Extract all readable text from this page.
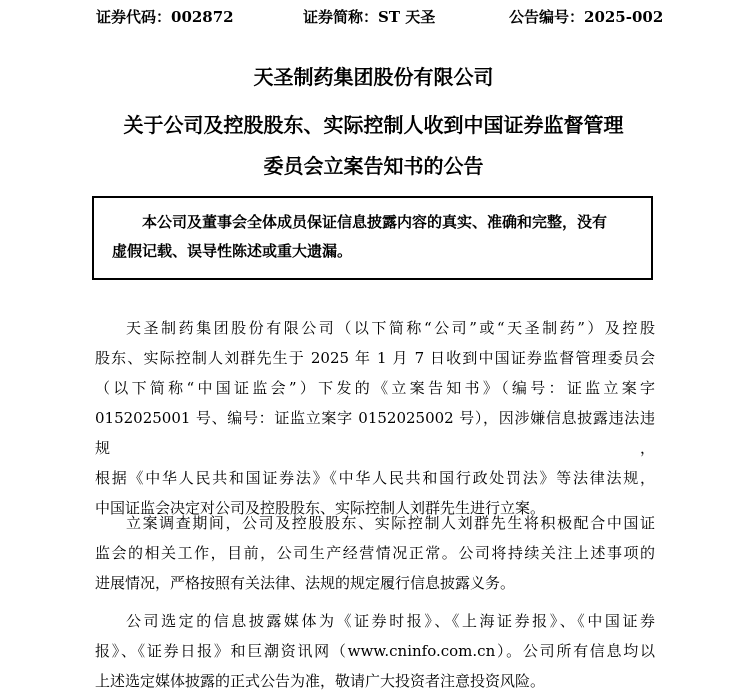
证券代码：002872	证券简称：ST 天圣	公告编号：2025-002
天圣制药集团股份有限公司
关于公司及控股股东、实际控制人收到中国证券监督管理
委员会立案告知书的公告
本公司及董事会全体成员保证信息披露内容的真实、准确和完整，没有
虚假记载、误导性陈述或重大遗漏。
天圣制药集团股份有限公司（以下简称“公司”或“天圣制药”）及控股
股东、实际控制人刘群先生于 2025 年 1 月 7 日收到中国证券监督管理委员会
（以下简称“中国证监会”）下发的《立案告知书》（编号：证监立案字
0152025001 号、编号：证监立案字 0152025002 号），因涉嫌信息披露违法违规，
根据《中华人民共和国证券法》《中华人民共和国行政处罚法》等法律法规，
中国证监会决定对公司及控股股东、实际控制人刘群先生进行立案。
立案调查期间，公司及控股股东、实际控制人刘群先生将积极配合中国证
监会的相关工作，目前，公司生产经营情况正常。公司将持续关注上述事项的
进展情况，严格按照有关法律、法规的规定履行信息披露义务。
公司选定的信息披露媒体为《证券时报》、《上海证券报》、《中国证券
报》、《证券日报》和巨潮资讯网（www.cninfo.com.cn）。公司所有信息均以
上述选定媒体披露的正式公告为准，敬请广大投资者注意投资风险。
